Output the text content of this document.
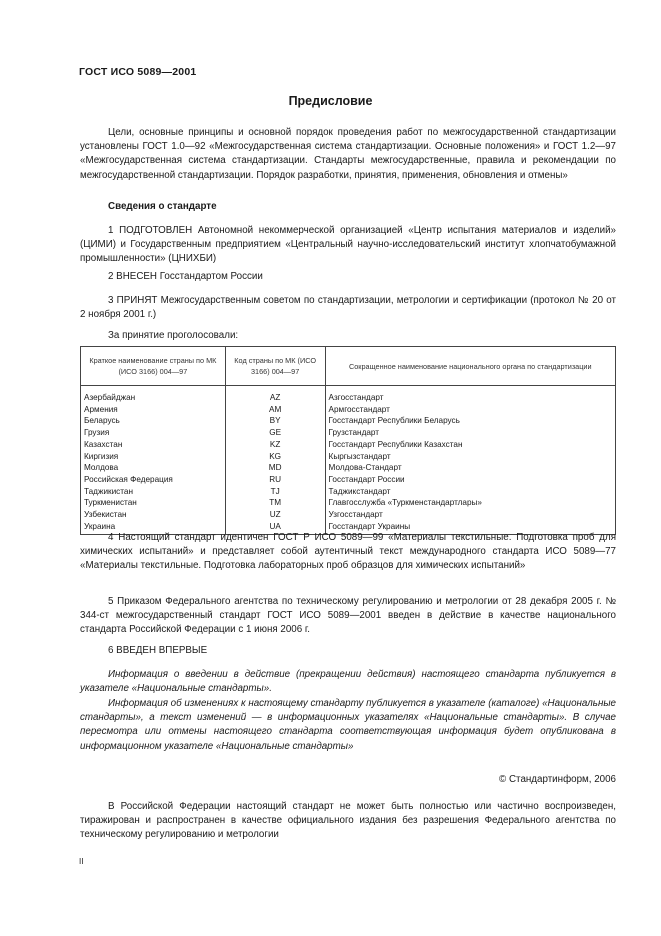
ГОСТ ИСО 5089—2001
Предисловие

Цели, основные принципы и основной порядок проведения работ по межгосударственной стандартизации установлены ГОСТ 1.0—92 «Межгосударственная система стандартизации. Основные положения» и ГОСТ 1.2—97 «Межгосударственная система стандартизации. Стандарты межгосударственные, правила и рекомендации по межгосударственной стандартизации. Порядок разработки, принятия, применения, обновления и отмены»

Сведения о стандарте

1 ПОДГОТОВЛЕН Автономной некоммерческой организацией «Центр испытания материалов и изделий» (ЦИМИ) и Государственным предприятием «Центральный научно-исследовательский институт хлопчатобумажной промышленности» (ЦНИХБИ)

2 ВНЕСЕН Госстандартом России

3 ПРИНЯТ Межгосударственным советом по стандартизации, метрологии и сертификации (протокол № 20 от 2 ноября 2001 г.)

За принятие проголосовали:
Краткое наименование страны по МК (ИСО 3166) 004—97	Код страны по МК (ИСО 3166) 004—97	Сокращенное наименование национального органа по стандартизации
Азербайджан	AZ	Азгосстандарт
Армения	AM	Армгосстандарт
Беларусь	BY	Госстандарт Республики Беларусь
Грузия	GE	Грузстандарт
Казахстан	KZ	Госстандарт Республики Казахстан
Киргизия	KG	Кыргызстандарт
Молдова	MD	Молдова-Стандарт
Российская Федерация	RU	Госстандарт России
Таджикистан	TJ	Таджикстандарт
Туркменистан	TM	Главгосслужба «Туркменстандартлары»
Узбекистан	UZ	Узгосстандарт
Украина	UA	Госстандарт Украины

4 Настоящий стандарт идентичен ГОСТ Р ИСО 5089—99 «Материалы текстильные. Подготовка проб для химических испытаний» и представляет собой аутентичный текст международного стандарта ИСО 5089—77 «Материалы текстильные. Подготовка лабораторных проб образцов для химических испытаний»

5 Приказом Федерального агентства по техническому регулированию и метрологии от 28 декабря 2005 г. № 344-ст межгосударственный стандарт ГОСТ ИСО 5089—2001 введен в действие в качестве национального стандарта Российской Федерации с 1 июня 2006 г.

6 ВВЕДЕН ВПЕРВЫЕ

Информация о введении в действие (прекращении действия) настоящего стандарта публикуется в указателе «Национальные стандарты».

Информация об изменениях к настоящему стандарту публикуется в указателе (каталоге) «Национальные стандарты», а текст изменений — в информационных указателях «Национальные стандарты». В случае пересмотра или отмены настоящего стандарта соответствующая информация будет опубликована в информационном указателе «Национальные стандарты»

© Стандартинформ, 2006

В Российской Федерации настоящий стандарт не может быть полностью или частично воспроизведен, тиражирован и распространен в качестве официального издания без разрешения Федерального агентства по техническому регулированию и метрологии

II
